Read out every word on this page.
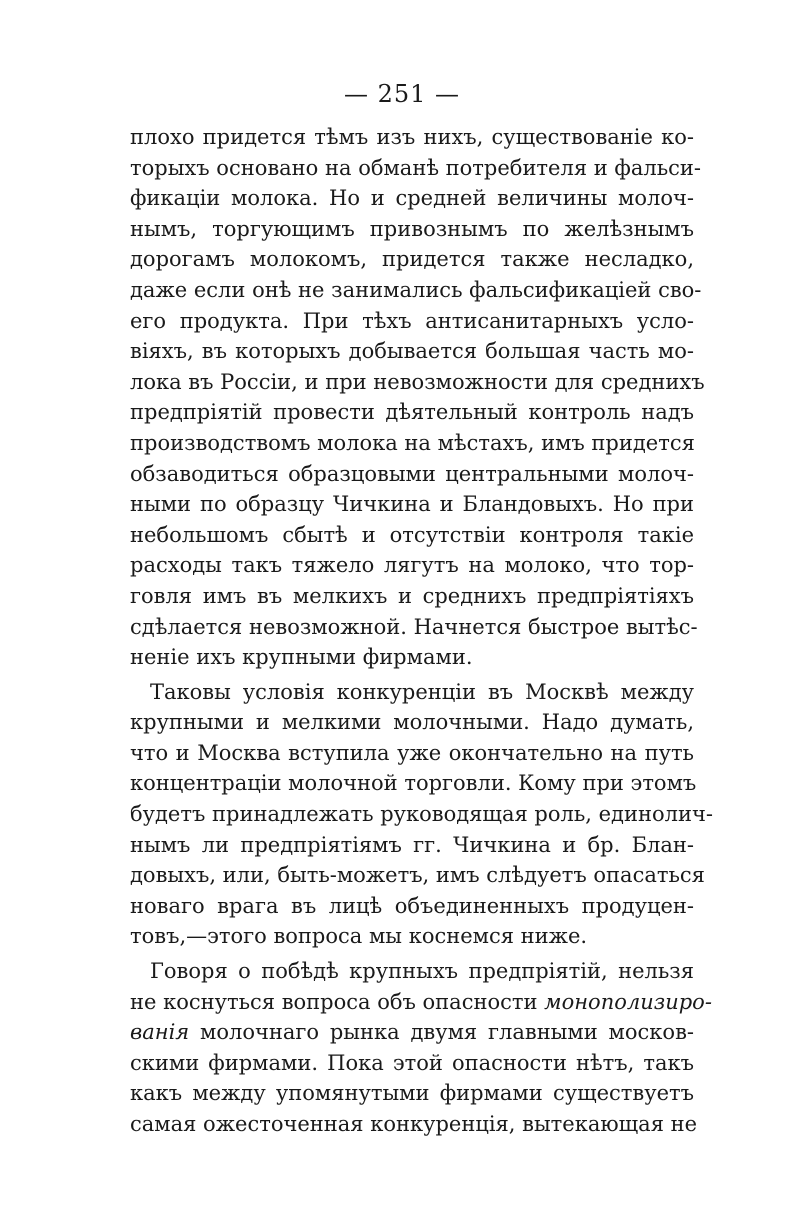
— 251 —
плохо придется тѣмъ изъ нихъ, существованіе ко-
торыхъ основано на обманѣ потребителя и фальси-
фикаціи молока. Но и средней величины молоч-
нымъ, торгующимъ привознымъ по желѣзнымъ
дорогамъ молокомъ, придется также несладко,
даже если онѣ не занимались фальсификаціей сво-
его продукта. При тѣхъ антисанитарныхъ усло-
віяхъ, въ которыхъ добывается большая часть мо-
лока въ Россіи, и при невозможности для среднихъ
предпріятій провести дѣятельный контроль надъ
производствомъ молока на мѣстахъ, имъ придется
обзаводиться образцовыми центральными молоч-
ными по образцу Чичкина и Бландовыхъ. Но при
небольшомъ сбытѣ и отсутствіи контроля такіе
расходы такъ тяжело лягутъ на молоко, что тор-
говля имъ въ мелкихъ и среднихъ предпріятіяхъ
сдѣлается невозможной. Начнется быстрое вытѣс-
неніе ихъ крупными фирмами.
Таковы условія конкуренціи въ Москвѣ между
крупными и мелкими молочными. Надо думать,
что и Москва вступила уже окончательно на путь
концентраціи молочной торговли. Кому при этомъ
будетъ принадлежать руководящая роль, единолич-
нымъ ли предпріятіямъ гг. Чичкина и бр. Блан-
довыхъ, или, быть-можетъ, имъ слѣдуетъ опасаться
новаго врага въ лицѣ объединенныхъ продуцен-
товъ,—этого вопроса мы коснемся ниже.
Говоря о побѣдѣ крупныхъ предпріятій, нельзя
не коснуться вопроса объ опасности монополизиро-
ванія молочнаго рынка двумя главными москов-
скими фирмами. Пока этой опасности нѣтъ, такъ
какъ между упомянутыми фирмами существуетъ
самая ожесточенная конкуренція, вытекающая не
